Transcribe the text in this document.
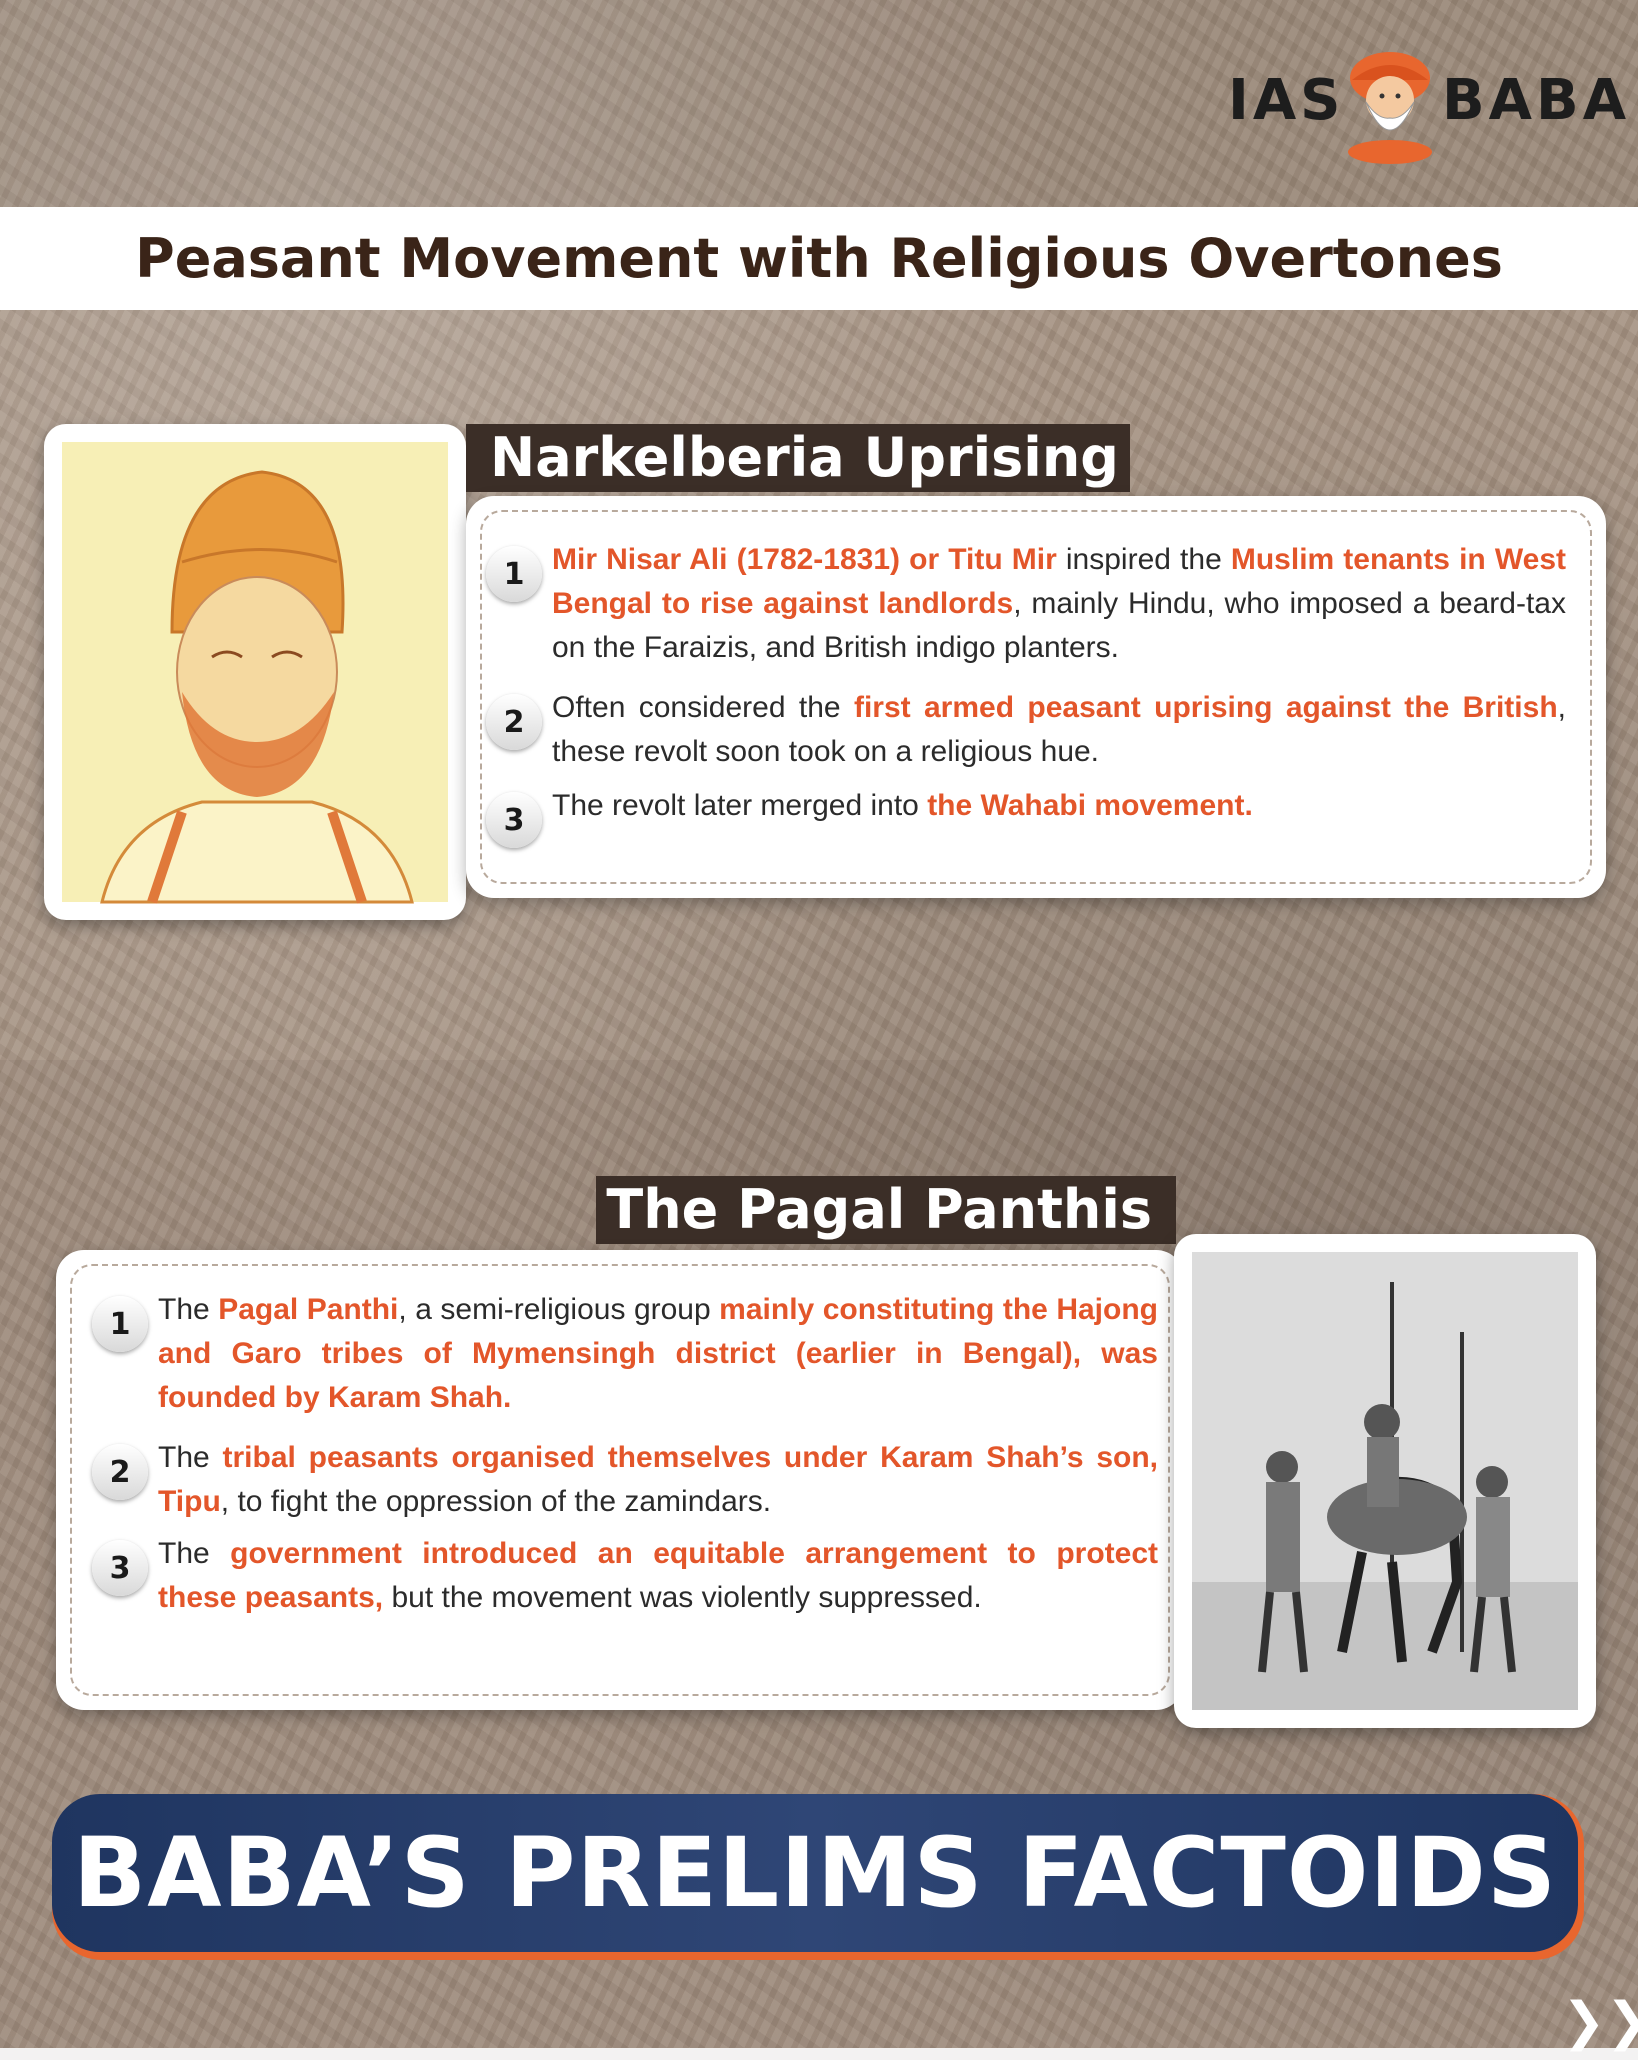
IAS BABA
Peasant Movement with Religious Overtones
Narkelberia Uprising
1 Mir Nisar Ali (1782-1831) or Titu Mir inspired the Muslim tenants in West Bengal to rise against landlords, mainly Hindu, who imposed a beard-tax on the Faraizis, and British indigo planters.
2 Often considered the first armed peasant uprising against the British, these revolt soon took on a religious hue.
3 The revolt later merged into the Wahabi movement.
The Pagal Panthis
1 The Pagal Panthi, a semi-religious group mainly constituting the Hajong and Garo tribes of Mymensingh district (earlier in Bengal), was founded by Karam Shah.
2 The tribal peasants organised themselves under Karam Shah’s son, Tipu, to fight the oppression of the zamindars.
3 The government introduced an equitable arrangement to protect these peasants, but the movement was violently suppressed.
BABA’S PRELIMS FACTOIDS
❯❯
